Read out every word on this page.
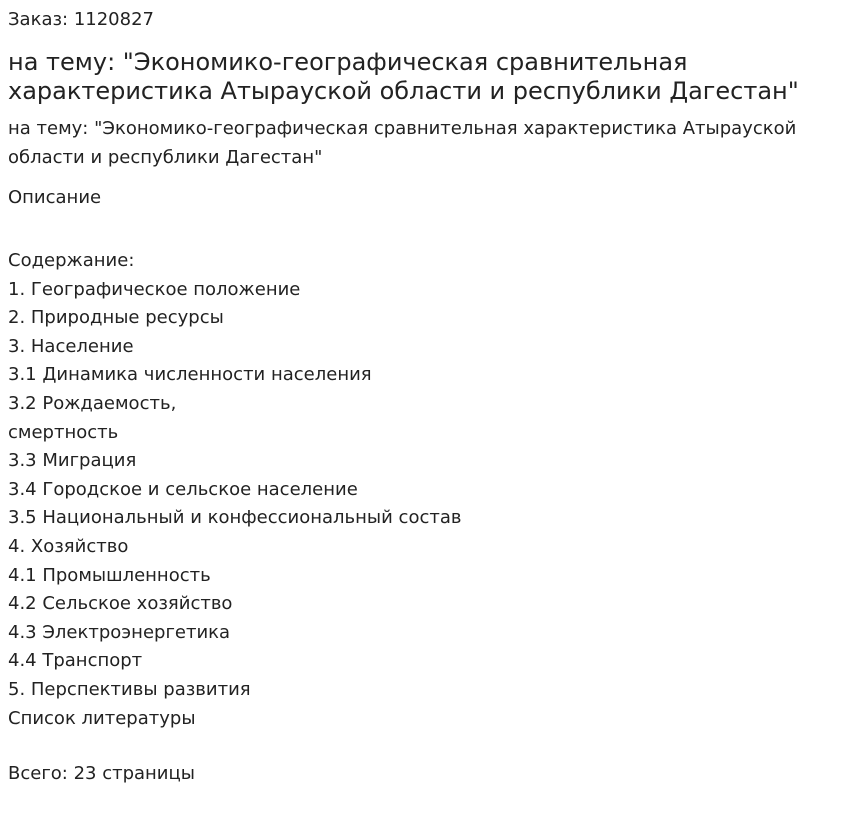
Заказ: 1120827
на тему: "Экономико-географическая сравнительная характеристика Атырауской области и республики Дагестан"

на тему: "Экономико-географическая сравнительная характеристика Атырауской области и республики Дагестан"

Описание
Содержание:
1. Географическое положение
2. Природные ресурсы
3. Население
3.1 Динамика численности населения
3.2 Рождаемость,
смертность
3.3 Миграция
3.4 Городское и сельское население
3.5 Национальный и конфессиональный состав
4. Хозяйство
4.1 Промышленность
4.2 Сельское хозяйство
4.3 Электроэнергетика
4.4 Транспорт
5. Перспективы развития
Список литературы
Всего: 23 страницы
